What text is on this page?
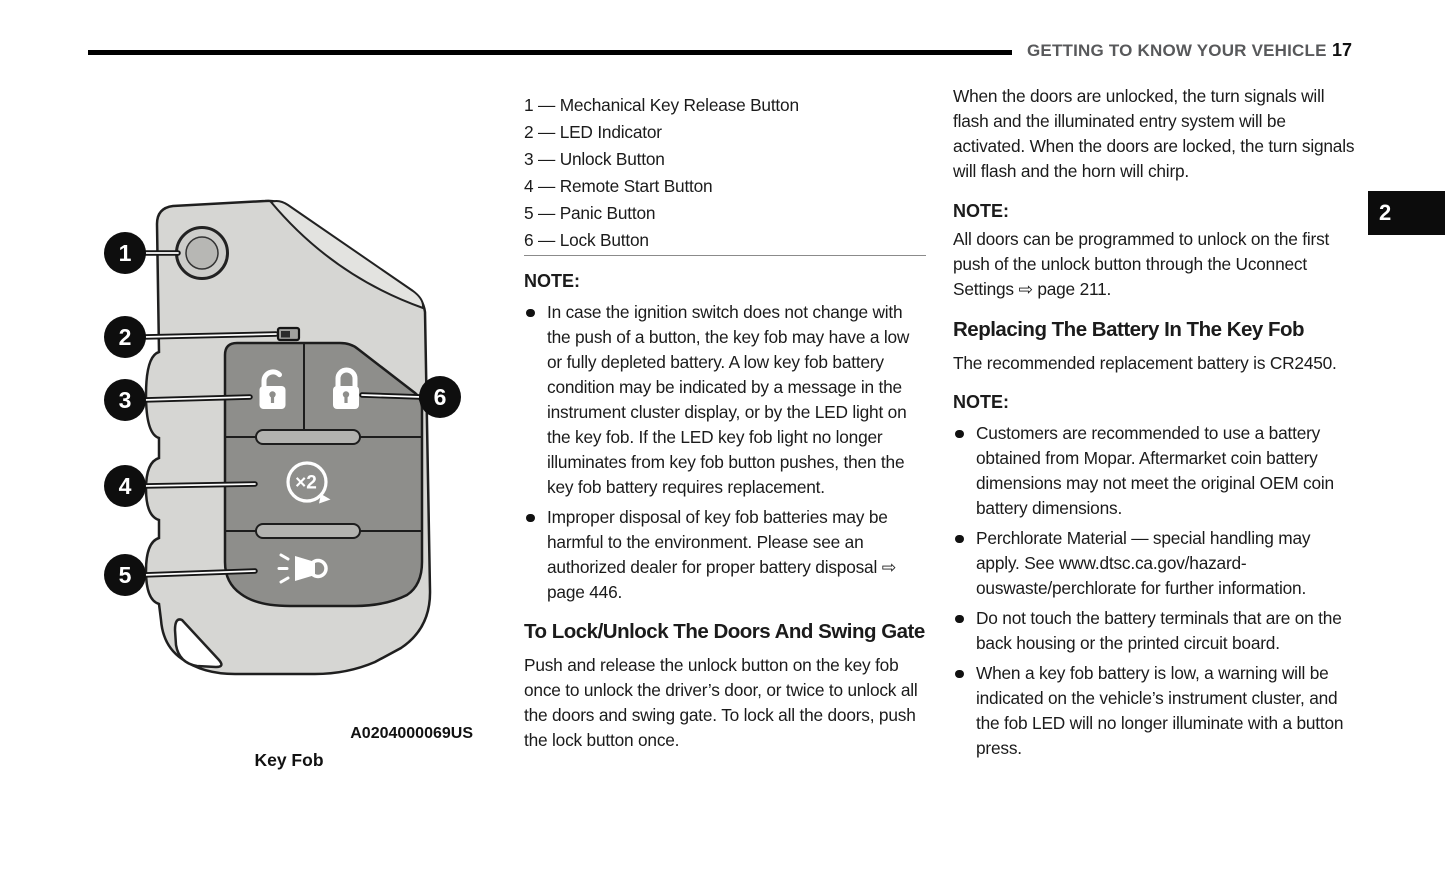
GETTING TO KNOW YOUR VEHICLE 17
2
×2
1
2
3
4
5
6
A0204000069US
Key Fob
1 — Mechanical Key Release Button
2 — LED Indicator
3 — Unlock Button
4 — Remote Start Button
5 — Panic Button
6 — Lock Button
NOTE:
In case the ignition switch does not change with the push of a button, the key fob may have a low or fully depleted battery. A low key fob battery condition may be indicated by a message in the instrument cluster display, or by the LED light on the key fob. If the LED key fob light no longer illuminates from key fob button pushes, then the key fob battery requires replacement.
Improper disposal of key fob batteries may be harmful to the environment. Please see an authorized dealer for proper battery disposal ⇨ page 446.
To Lock/Unlock The Doors And Swing Gate

Push and release the unlock button on the key fob once to unlock the driver’s door, or twice to unlock all the doors and swing gate. To lock all the doors, push the lock button once.

When the doors are unlocked, the turn signals will flash and the illuminated entry system will be activated. When the doors are locked, the turn signals will flash and the horn will chirp.

NOTE:

All doors can be programmed to unlock on the first push of the unlock button through the Uconnect Settings ⇨ page 211.

Replacing The Battery In The Key Fob

The recommended replacement battery is CR2450.

NOTE:
Customers are recommended to use a battery obtained from Mopar. Aftermarket coin battery dimensions may not meet the original OEM coin battery dimensions.
Perchlorate Material — special handling may apply. See www.dtsc.ca.gov/hazard-ouswaste/perchlorate for further information.
Do not touch the battery terminals that are on the back housing or the printed circuit board.
When a key fob battery is low, a warning will be indicated on the vehicle’s instrument cluster, and the fob LED will no longer illuminate with a button press.
